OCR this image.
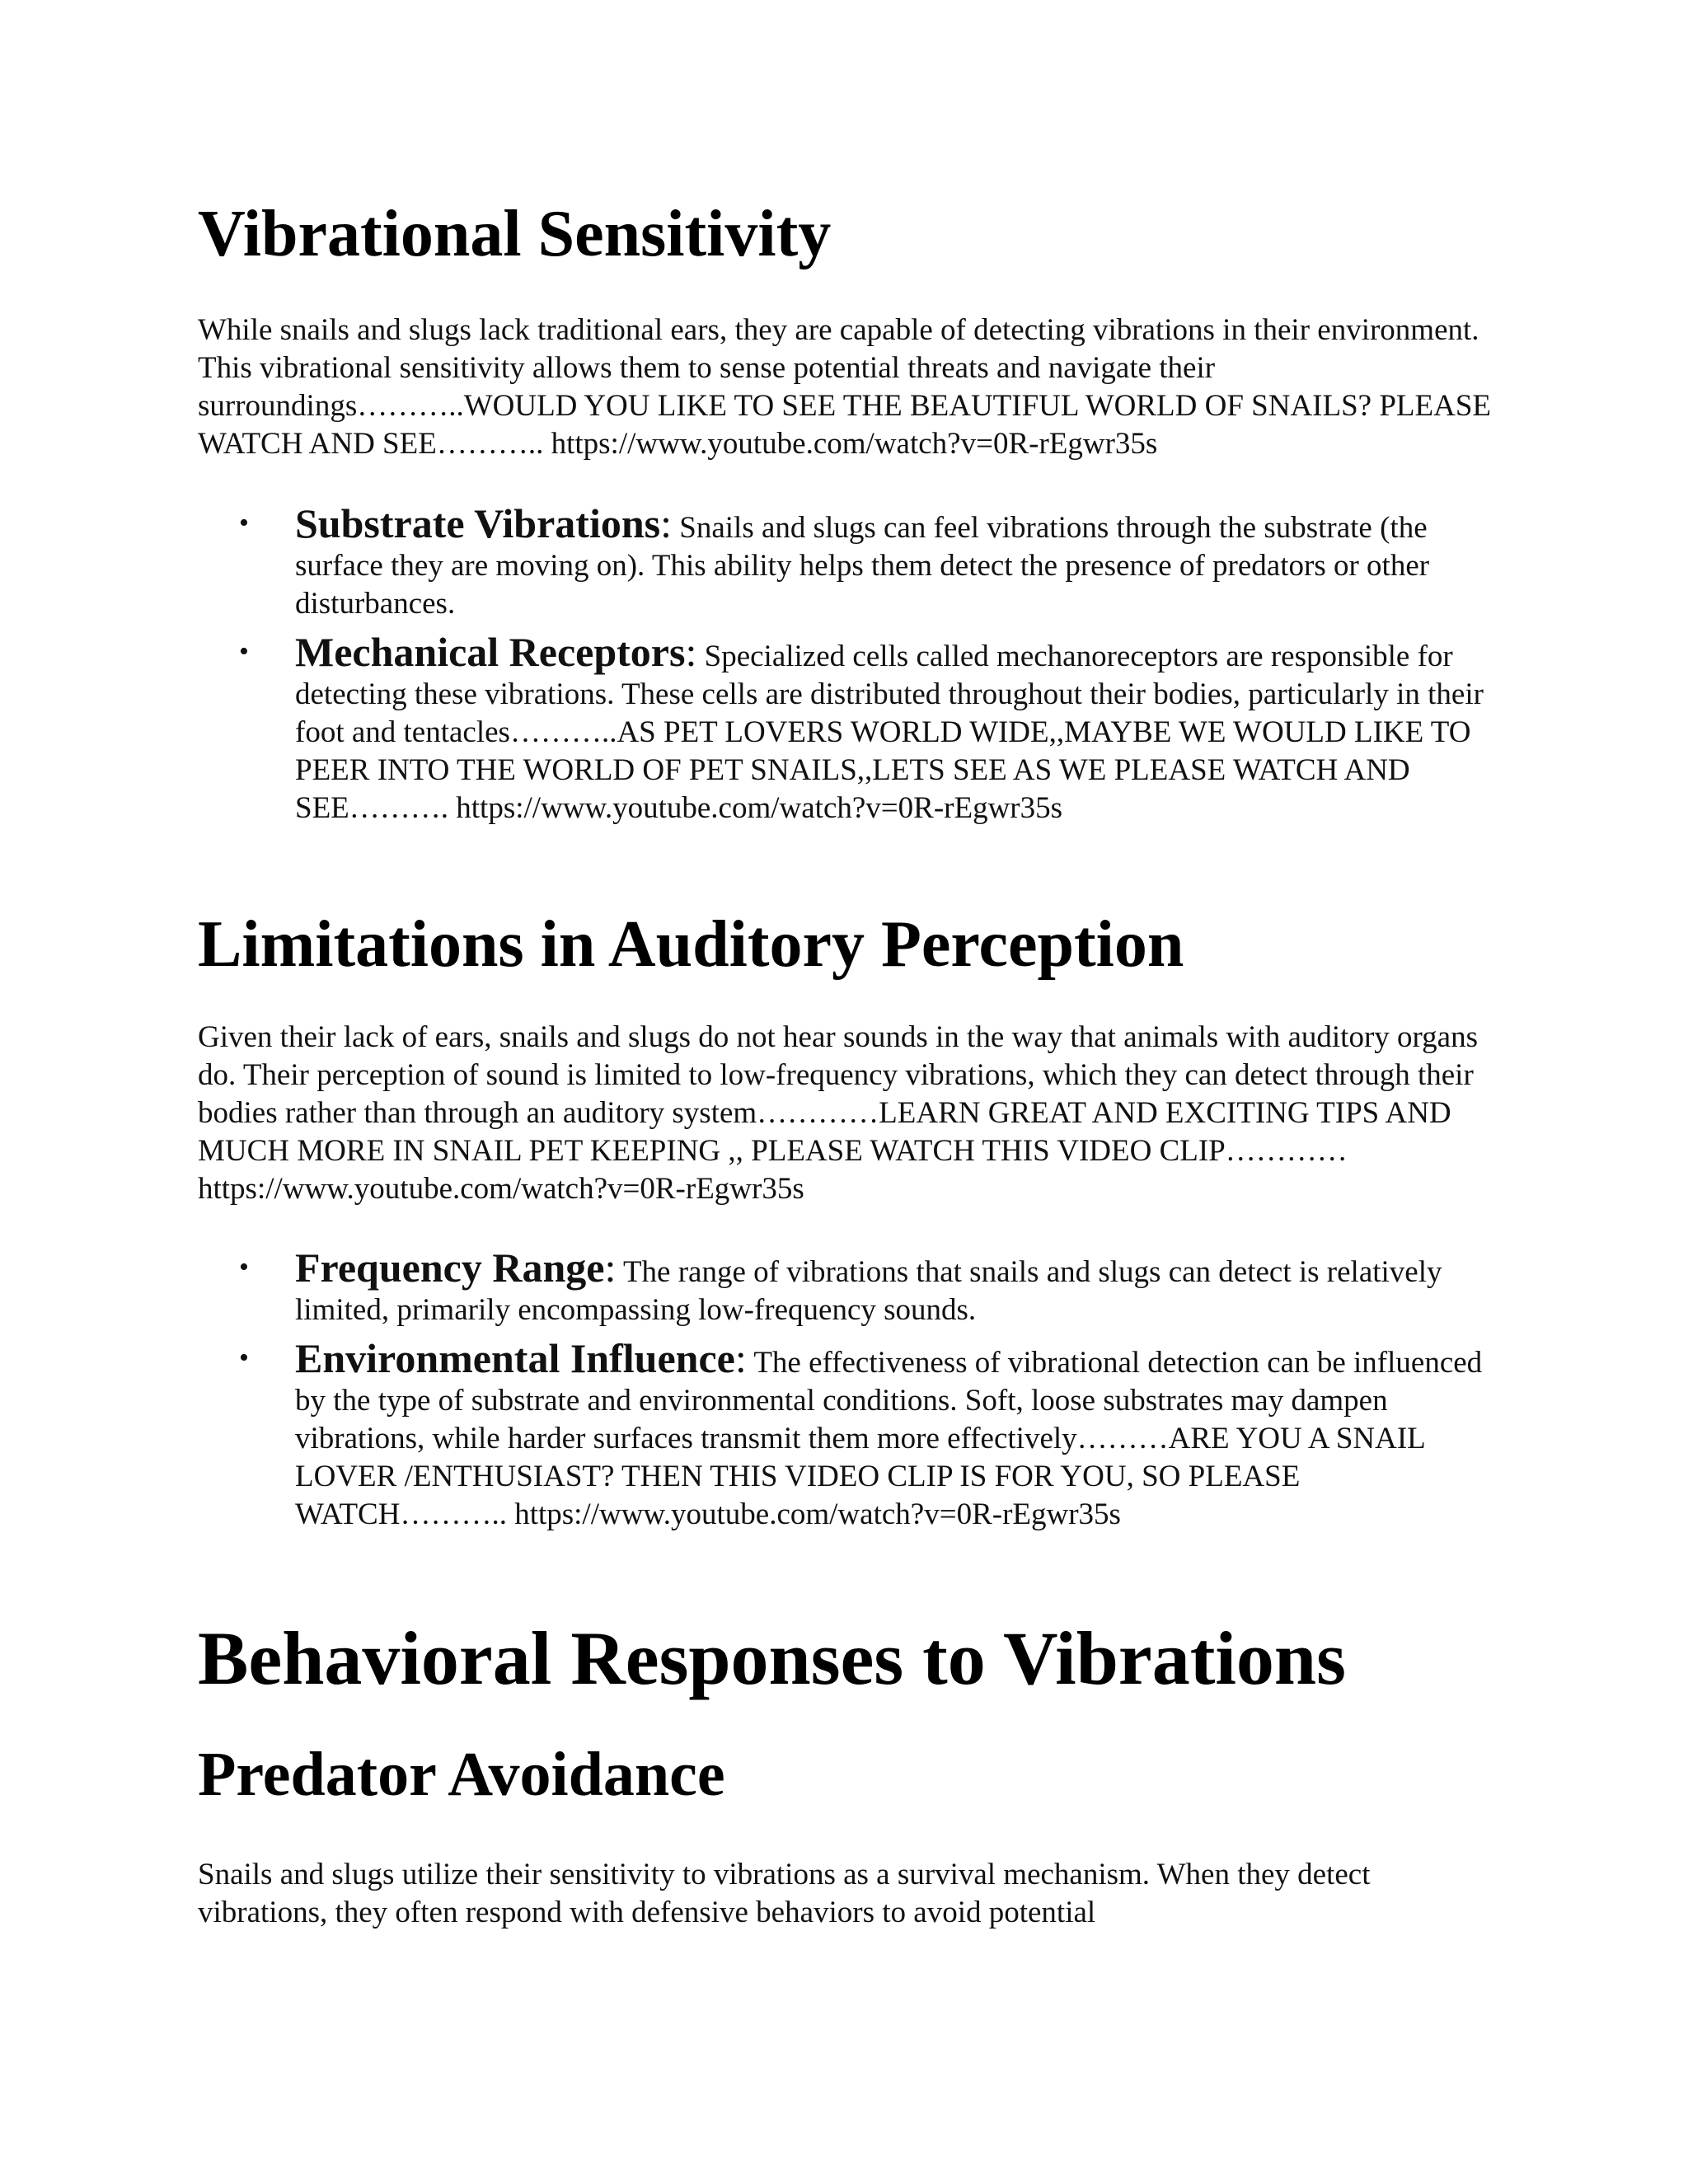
Vibrational Sensitivity

While snails and slugs lack traditional ears, they are capable of detecting vibrations in their environment. This vibrational sensitivity allows them to sense potential threats and navigate their surroundings………..WOULD YOU LIKE TO SEE THE BEAUTIFUL WORLD OF SNAILS? PLEASE WATCH AND SEE……….. https://www.youtube.com/watch?v=0R-rEgwr35s

• Substrate Vibrations: Snails and slugs can feel vibrations through the substrate (the surface they are moving on). This ability helps them detect the presence of predators or other disturbances.
• Mechanical Receptors: Specialized cells called mechanoreceptors are responsible for detecting these vibrations. These cells are distributed throughout their bodies, particularly in their foot and tentacles………..AS PET LOVERS WORLD WIDE,,MAYBE WE WOULD LIKE TO PEER INTO THE WORLD OF PET SNAILS,,LETS SEE AS WE PLEASE WATCH AND SEE………. https://www.youtube.com/watch?v=0R-rEgwr35s
Limitations in Auditory Perception

Given their lack of ears, snails and slugs do not hear sounds in the way that animals with auditory organs do. Their perception of sound is limited to low-frequency vibrations, which they can detect through their bodies rather than through an auditory system…………LEARN GREAT AND EXCITING TIPS AND MUCH MORE IN SNAIL PET KEEPING ,, PLEASE WATCH THIS VIDEO CLIP………… https://www.youtube.com/watch?v=0R-rEgwr35s

• Frequency Range: The range of vibrations that snails and slugs can detect is relatively limited, primarily encompassing low-frequency sounds.
• Environmental Influence: The effectiveness of vibrational detection can be influenced by the type of substrate and environmental conditions. Soft, loose substrates may dampen vibrations, while harder surfaces transmit them more effectively………ARE YOU A SNAIL LOVER /ENTHUSIAST? THEN THIS VIDEO CLIP IS FOR YOU, SO PLEASE WATCH……….. https://www.youtube.com/watch?v=0R-rEgwr35s
Behavioral Responses to Vibrations
Predator Avoidance

Snails and slugs utilize their sensitivity to vibrations as a survival mechanism. When they detect vibrations, they often respond with defensive behaviors to avoid potential
